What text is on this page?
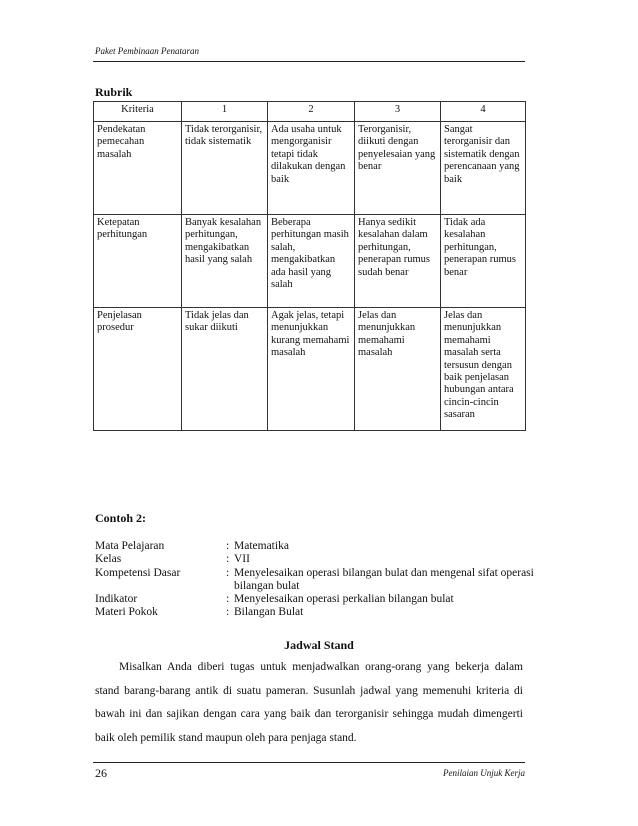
Paket Pembinaan Penataran
Rubrik
Kriteria	1	2	3	4
Pendekatan pemecahan masalah	Tidak terorganisir, tidak sistematik	Ada usaha untuk mengorganisir tetapi tidak dilakukan dengan baik	Terorganisir, diikuti dengan penyelesaian yang benar	Sangat terorganisir dan sistematik dengan perencanaan yang baik
Ketepatan perhitungan	Banyak kesalahan perhitungan, mengakibatkan hasil yang salah	Beberapa perhitungan masih salah, mengakibatkan ada hasil yang salah	Hanya sedikit kesalahan dalam perhitungan, penerapan rumus sudah benar	Tidak ada kesalahan perhitungan, penerapan rumus benar
Penjelasan prosedur	Tidak jelas dan sukar diikuti	Agak jelas, tetapi menunjukkan kurang memahami masalah	Jelas dan menunjukkan memahami masalah	Jelas dan menunjukkan memahami masalah serta tersusun dengan baik penjelasan hubungan antara cincin-cincin sasaran
Contoh 2:
Mata Pelajaran	: Matematika
Kelas	: VII
Kompetensi Dasar	: Menyelesaikan operasi bilangan bulat dan mengenal sifat operasi bilangan bulat
Indikator	: Menyelesaikan operasi perkalian bilangan bulat
Materi Pokok	: Bilangan Bulat
Jadwal Stand
Misalkan Anda diberi tugas untuk menjadwalkan orang-orang yang bekerja dalam stand barang-barang antik di suatu pameran. Susunlah jadwal yang memenuhi kriteria di bawah ini dan sajikan dengan cara yang baik dan terorganisir sehingga mudah dimengerti baik oleh pemilik stand maupun oleh para penjaga stand.
26	Penilaian Unjuk Kerja
